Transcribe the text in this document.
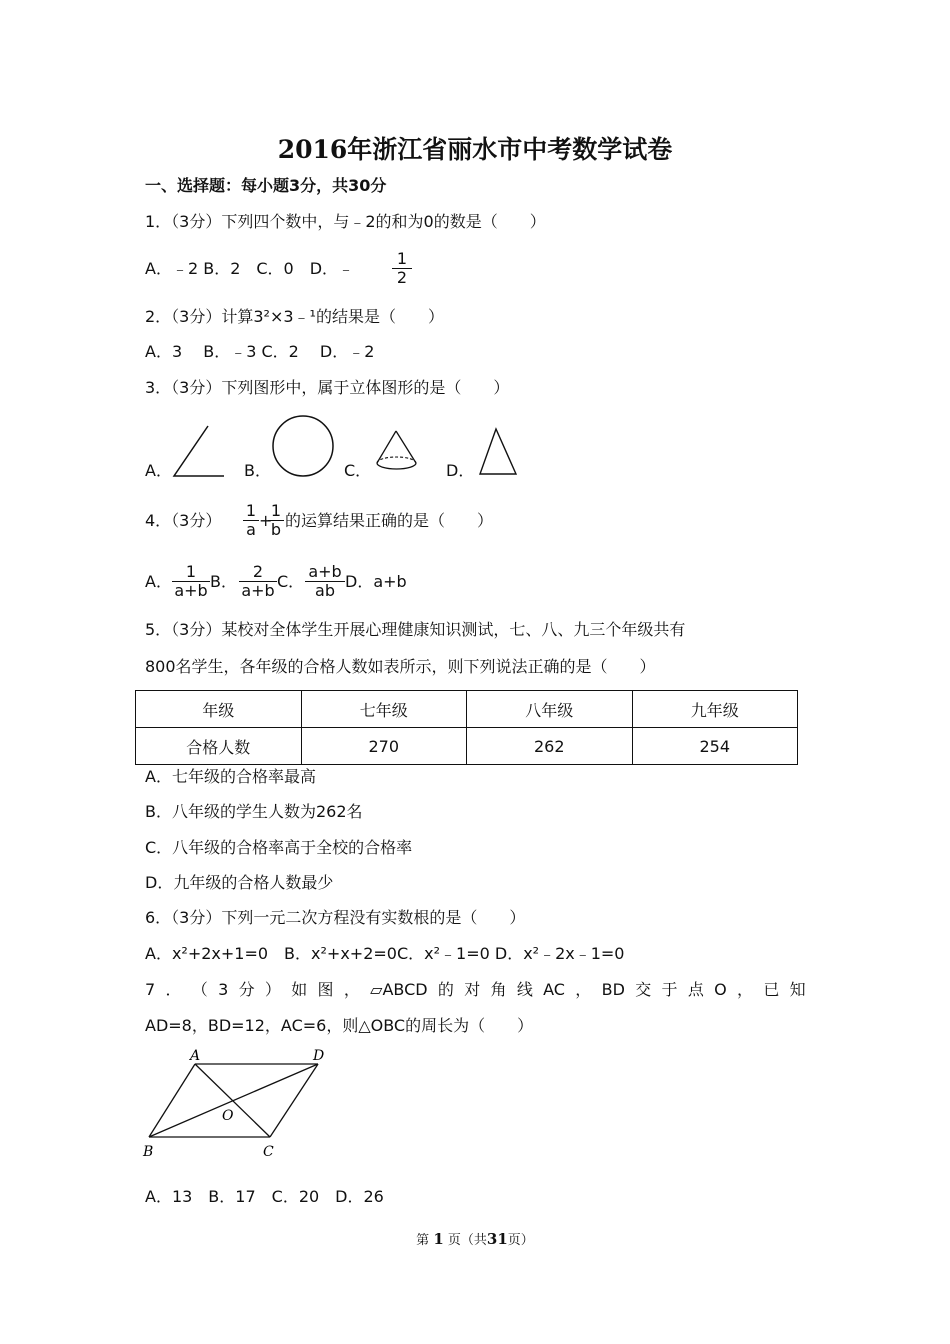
2016年浙江省丽水市中考数学试卷
一、选择题：每小题3分，共30分
1．（3分）下列四个数中，与﹣2的和为0的数是（　　）
A．﹣2 B．2　C．0　D．﹣ $\frac{1}{2}$
2．（3分）计算3²×3﹣¹的结果是（　　）
A．3　 B．﹣3 C．2　 D．﹣2
3．（3分）下列图形中，属于立体图形的是（　　）
A．	B．	C．	D．
4．（3分） $\frac{1}{a}$ +
$\frac{1}{b}$ 的运算结果正确的是（　　）
A． $\frac{1}{a+b}$ B． $\frac{2}{a+b}$ C． $\frac{a+b}{ab}$ D．a+b
5．（3分）某校对全体学生开展心理健康知识测试，七、八、九三个年级共有
800名学生，各年级的合格人数如表所示，则下列说法正确的是（　　）
年级	七年级	八年级	九年级
合格人数	270	262	254
A．七年级的合格率最高
B．八年级的学生人数为262名
C．八年级的合格率高于全校的合格率
D．九年级的合格人数最少
6．（3分）下列一元二次方程没有实数根的是（　　）
A．x²+2x+1=0　B．x²+x+2=0C．x²﹣1=0 D．x²﹣2x﹣1=0
7 ． （ 3 分 ） 如 图 ， ▱ABCD 的 对 角 线 AC ， BD 交 于 点 O ， 已 知
AD=8，BD=12，AC=6，则△OBC的周长为（　　）
A	D
B	C
O
A．13　B．17　C．20　D．26
第 1 页（共31页）
